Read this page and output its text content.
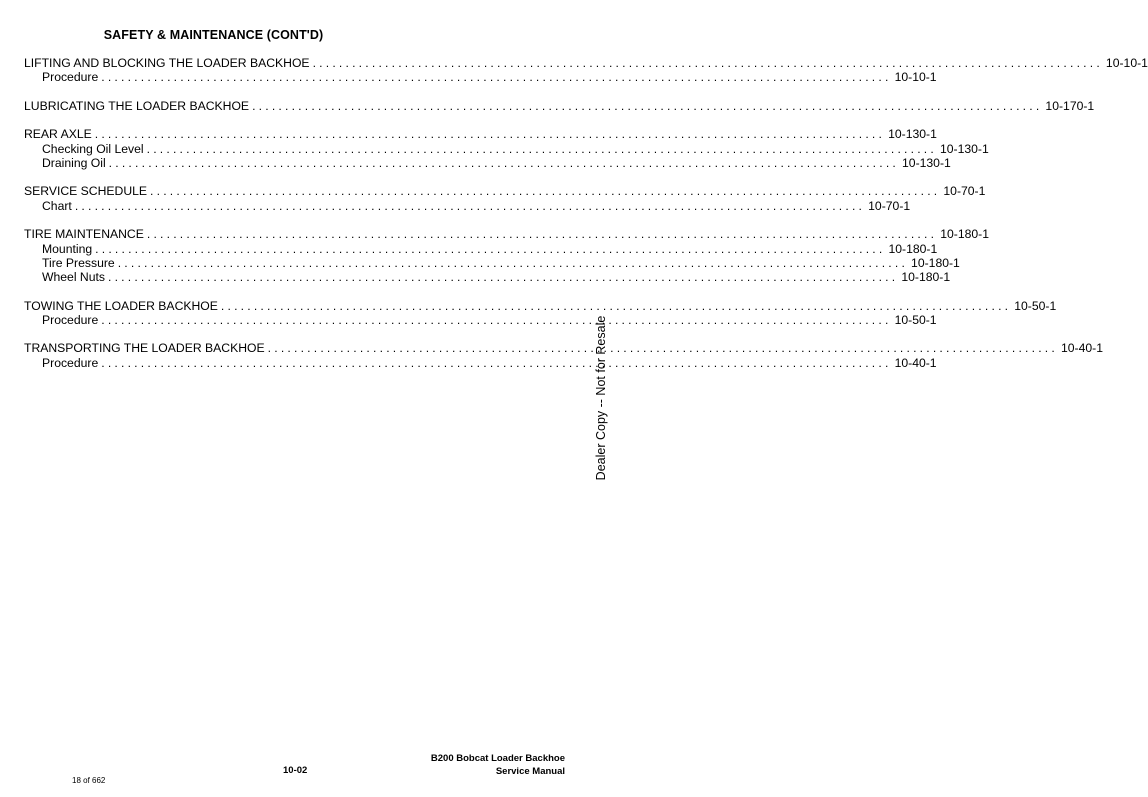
SAFETY & MAINTENANCE (CONT'D)
LIFTING AND BLOCKING THE LOADER BACKHOE ........................................................................................................................ 10-10-1
Procedure ........................................................................................................................ 10-10-1
LUBRICATING THE LOADER BACKHOE ........................................................................................................................ 10-170-1
REAR AXLE ........................................................................................................................ 10-130-1
Checking Oil Level ........................................................................................................................ 10-130-1
Draining Oil ........................................................................................................................ 10-130-1
SERVICE SCHEDULE ........................................................................................................................ 10-70-1
Chart ........................................................................................................................ 10-70-1
TIRE MAINTENANCE ........................................................................................................................ 10-180-1
Mounting ........................................................................................................................ 10-180-1
Tire Pressure ........................................................................................................................ 10-180-1
Wheel Nuts ........................................................................................................................ 10-180-1
TOWING THE LOADER BACKHOE ........................................................................................................................ 10-50-1
Procedure ........................................................................................................................ 10-50-1
TRANSPORTING THE LOADER BACKHOE ........................................................................................................................ 10-40-1
Procedure ........................................................................................................................ 10-40-1
Dealer Copy -- Not for Resale
B200 Bobcat Loader Backhoe
Service Manual
10-02
18 of 662
